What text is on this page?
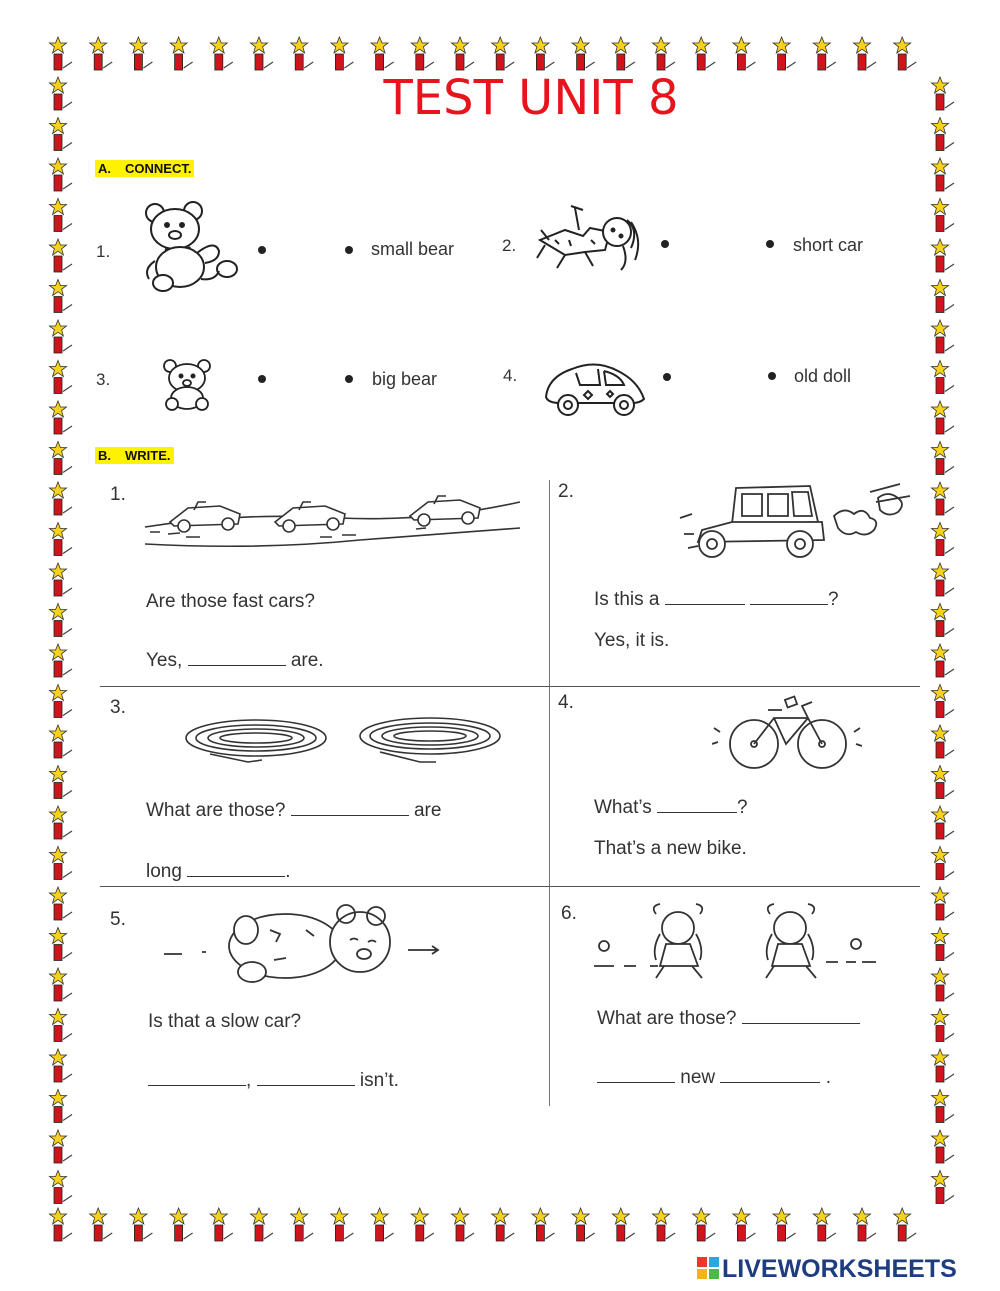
TEST UNIT 8
A. CONNECT.
1.	small bear	2.	short car
3.	big bear	4.	old doll
B. WRITE.
1.
Are those fast cars?
Yes,	are.
2.
Is this a	?
Yes, it is.
3.
What are those?	are
long	.
4.
What’s	?
That’s a new bike.
5.
Is that a slow car?
,	isn’t.
6.
What are those?
new	.
LIVEWORKSHEETS
